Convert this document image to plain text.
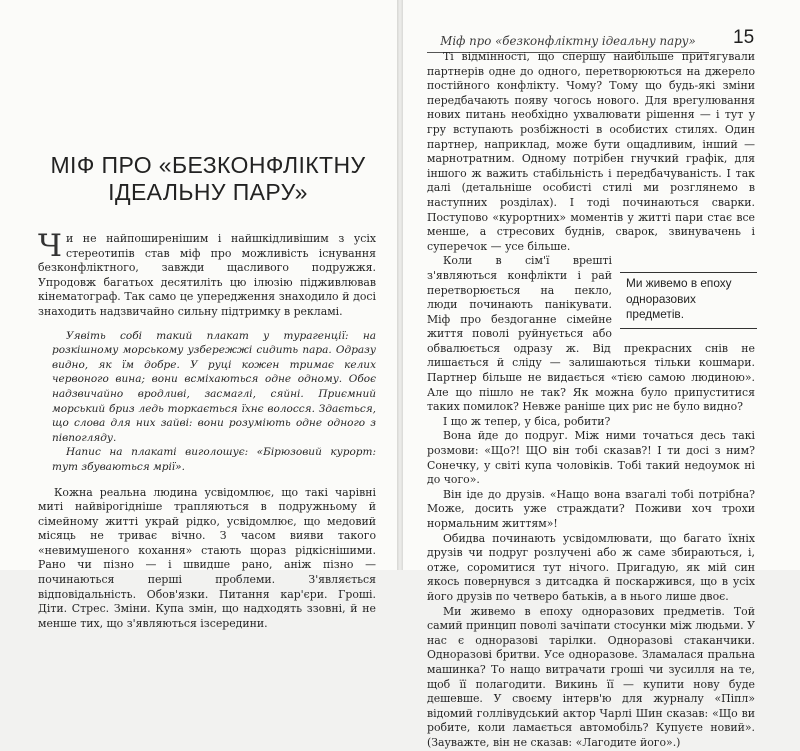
МІФ ПРО «БЕЗКОНФЛІКТНУ ІДЕАЛЬНУ ПАРУ»

Чи не найпоширенішим і найшкідливішим з усіх стереотипів став міф про можливість існування безконфліктного, завжди щасливого подружжя. Упродовж багатьох десятиліть цю ілюзію підживлював кінематограф. Так само це упередження знаходило й досі знаходить надзвичайно сильну підтримку в рекламі.

Уявіть собі такий плакат у турагенції: на розкішному морському узбережжі сидить пара. Одразу видно, як їм добре. У руці кожен тримає келих червоного вина; вони всміхаються одне одному. Обоє надзвичайно вродливі, засмаглі, сяйні. Приємний морський бриз ледь торкається їхнє волосся. Здається, що слова для них зайві: вони розуміють одне одного з півпогляду.

Напис на плакаті виголошує: «Бірюзовий курорт: тут збуваються мрії».

Кожна реальна людина усвідомлює, що такі чарівні миті найвірогідніше трапляються в подружньому й сімейному житті украй рідко, усвідомлює, що медовий місяць не триває вічно. З часом вияви такого «невимушеного кохання» стають щораз рідкіснішими. Рано чи пізно — і швидше рано, аніж пізно — починаються перші проблеми. З'являється відповідальність. Обов'язки. Питання кар'єри. Гроші. Діти. Стрес. Зміни. Купа змін, що надходять ззовні, й не менше тих, що з'являються ізсередини.

Міф про «безконфліктну ідеальну пару»	15

Ті відмінності, що спершу найбільше притягували партнерів одне до одного, перетворюються на джерело постійного конфлікту. Чому? Тому що будь-які зміни передбачають появу чогось нового. Для врегулювання нових питань необхідно ухвалювати рішення — і тут у гру вступають розбіжності в особистих стилях. Один партнер, наприклад, може бути ощадливим, інший — марнотратним. Одному потрібен гнучкий графік, для іншого ж важить стабільність і передбачуваність. І так далі (детальніше особисті стилі ми розглянемо в наступних розділах). І тоді починаються сварки. Поступово «курортних» моментів у житті пари стає все менше, а стресових буднів, сварок, звинувачень і суперечок — усе більше.

Ми живемо в епоху одноразових предметів.

Коли в сім'ї врешті з'являються конфлікти і рай перетворюється на пекло, люди починають панікувати. Міф про бездоганне сімейне життя поволі руйнується або обвалюється одразу ж. Від прекрасних снів не лишається й сліду — залишаються тільки кошмари. Партнер більше не видається «тією самою людиною». Але що пішло не так? Як можна було припуститися таких помилок? Невже раніше цих рис не було видно?

І що ж тепер, у біса, робити?

Вона йде до подруг. Між ними точаться десь такі розмови: «Що?! ЩО він тобі сказав?! І ти досі з ним? Сонечку, у світі купа чоловіків. Тобі такий недоумок ні до чого».

Він іде до друзів. «Нащо вона взагалі тобі потрібна? Може, досить уже страждати? Поживи хоч трохи нормальним життям»!

Обидва починають усвідомлювати, що багато їхніх друзів чи подруг розлучені або ж саме збираються, і, отже, соромитися тут нічого. Пригадую, як мій син якось повернувся з дитсадка й поскаржився, що в усіх його друзів по четверо батьків, а в нього лише двоє.

Ми живемо в епоху одноразових предметів. Той самий принцип поволі зачіпати стосунки між людьми. У нас є одноразові тарілки. Одноразові стаканчики. Одноразові бритви. Усе одноразове. Зламалася пральна машинка? То нащо витрачати гроші чи зусилля на те, щоб її полагодити. Викинь її — купити нову буде дешевше. У своєму інтерв'ю для журналу «Пiпл» відомий голлівудський актор Чарлі Шин сказав: «Що ви робите, коли ламається автомобіль? Купуєте новий». (Зауважте, він не сказав: «Лагодите його».)
